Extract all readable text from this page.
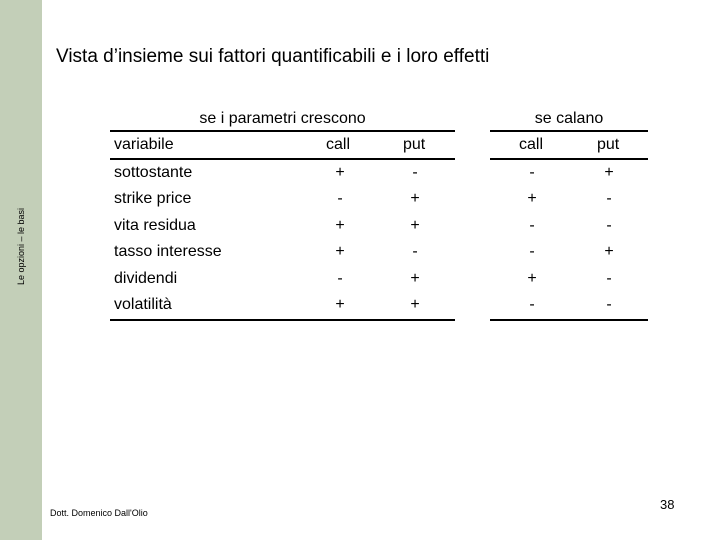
Le opzioni – le basi
Vista d’insieme sui fattori quantificabili e i loro effetti
se i parametri crescono	se calano
variabile	call	put	call	put
sottostante	+	-	-	+
strike price	-	+	+	-
vita residua	+	+	-	-
tasso interesse	+	-	-	+
dividendi	-	+	+	-
volatilità	+	+	-	-
Dott. Domenico Dall'Olio
38
